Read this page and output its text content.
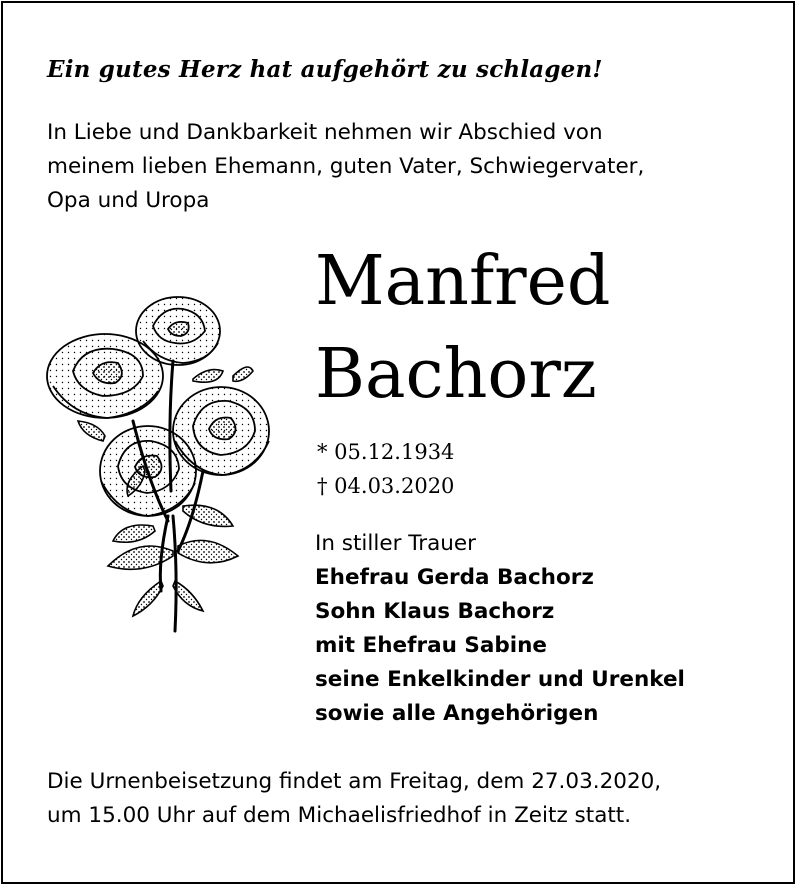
Ein gutes Herz hat aufgehört zu schlagen!
In Liebe und Dankbarkeit nehmen wir Abschied von
meinem lieben Ehemann, guten Vater, Schwiegervater,
Opa und Uropa
Manfred
Bachorz
* 05.12.1934
† 04.03.2020
In stiller Trauer
Ehefrau Gerda Bachorz
Sohn Klaus Bachorz
mit Ehefrau Sabine
seine Enkelkinder und Urenkel
sowie alle Angehörigen
Die Urnenbeisetzung findet am Freitag, dem 27.03.2020,
um 15.00 Uhr auf dem Michaelisfriedhof in Zeitz statt.
